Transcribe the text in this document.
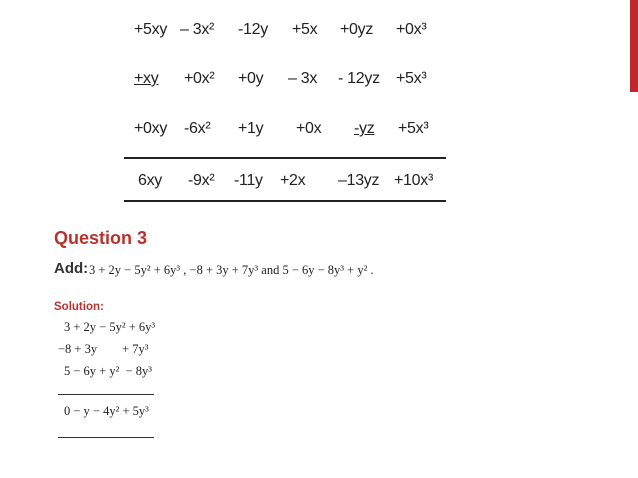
+5xy – 3x² -12y +5x +0yz +0x³
+xy +0x² +0y – 3x - 12yz +5x³
+0xy -6x² +1y +0x -yz +5x³
6xy -9x² -11y +2x –13yz +10x³
Question 3
Add: 3 + 2y − 5y² + 6y³ , −8 + 3y + 7y³ and 5 − 6y − 8y³ + y² .
Solution:
3 + 2y − 5y² + 6y³
−8 + 3y        + 7y³
5 − 6y + y²  − 8y³
0 − y − 4y² + 5y³
